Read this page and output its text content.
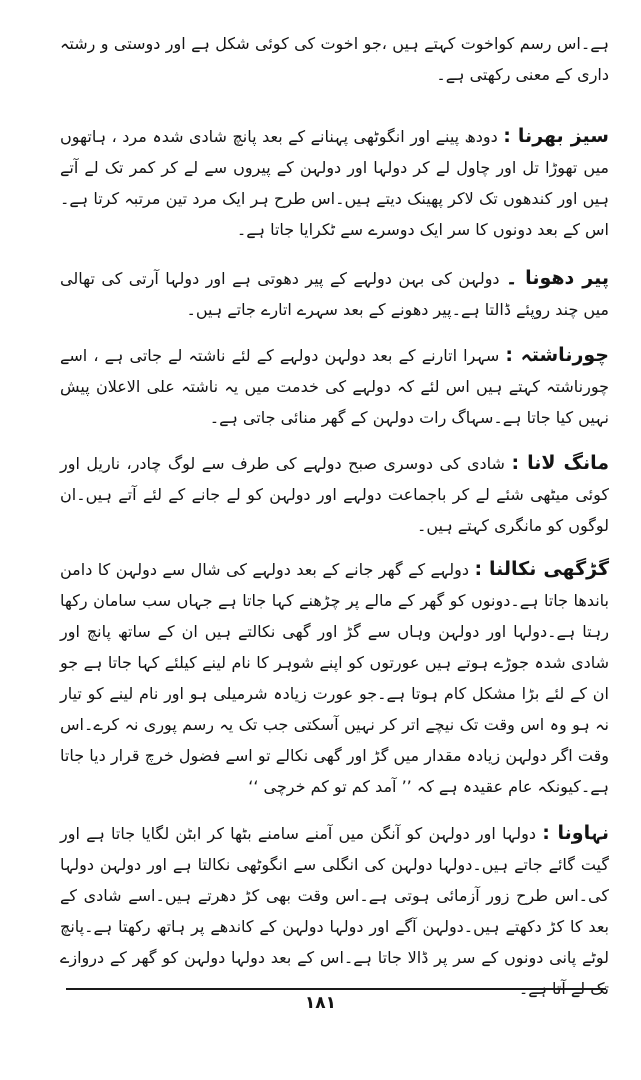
ہے۔اس رسم کواخوت کہتے ہیں ،جو اخوت کی کوئی شکل ہے اور دوستی و رشتہ داری کے معنی رکھتی ہے۔

سیز بھرنا : دودھ پینے اور انگوٹھی پہنانے کے بعد پانچ شادی شدہ مرد ، ہاتھوں میں تھوڑا تل اور چاول لے کر دولہا اور دولہن کے پیروں سے لے کر کمر تک لے آتے ہیں اور کندھوں تک لاکر پھینک دیتے ہیں۔اس طرح ہر ایک مرد تین مرتبہ کرتا ہے۔اس کے بعد دونوں کا سر ایک دوسرے سے ٹکرایا جاتا ہے۔

پیر دھونا ۔ دولہن کی بہن دولہے کے پیر دھوتی ہے اور دولہا آرتی کی تھالی میں چند روپئے ڈالتا ہے۔پیر دھونے کے بعد سہرے اتارے جاتے ہیں۔

چورناشتہ : سہرا اتارنے کے بعد دولہن دولہے کے لئے ناشتہ لے جاتی ہے ، اسے چورناشتہ کہتے ہیں اس لئے کہ دولہے کی خدمت میں یہ ناشتہ علی الاعلان پیش نہیں کیا جاتا ہے۔سہاگ رات دولہن کے گھر منائی جاتی ہے۔

مانگ لانا : شادی کی دوسری صبح دولہے کی طرف سے لوگ چادر، ناریل اور کوئی میٹھی شئے لے کر باجماعت دولہے اور دولہن کو لے جانے کے لئے آتے ہیں۔ان لوگوں کو مانگری کہتے ہیں۔

گڑگھی نکالنا : دولہے کے گھر جانے کے بعد دولہے کی شال سے دولہن کا دامن باندھا جاتا ہے۔دونوں کو گھر کے مالے پر چڑھنے کہا جاتا ہے جہاں سب سامان رکھا رہتا ہے۔دولہا اور دولہن وہاں سے گڑ اور گھی نکالتے ہیں ان کے ساتھ پانچ اور شادی شدہ جوڑے ہوتے ہیں عورتوں کو اپنے شوہر کا نام لینے کیلئے کہا جاتا ہے جو ان کے لئے بڑا مشکل کام ہوتا ہے۔جو عورت زیادہ شرمیلی ہو اور نام لینے کو تیار نہ ہو وہ اس وقت تک نیچے اتر کر نہیں آسکتی جب تک یہ رسم پوری نہ کرے۔اس وقت اگر دولہن زیادہ مقدار میں گڑ اور گھی نکالے تو اسے فضول خرچ قرار دیا جاتا ہے۔کیونکہ عام عقیدہ ہے کہ ’’ آمد کم تو کم خرچی ‘‘

نہاونا : دولہا اور دولہن کو آنگن میں آمنے سامنے بٹھا کر ابٹن لگایا جاتا ہے اور گیت گائے جاتے ہیں۔دولہا دولہن کی انگلی سے انگوٹھی نکالتا ہے اور دولہن دولہا کی۔اس طرح زور آزمائی ہوتی ہے۔اس وقت بھی کڑ دھرتے ہیں۔اسے شادی کے بعد کا کڑ دکھتے ہیں۔دولہن آگے اور دولہا دولہن کے کاندھے پر ہاتھ رکھتا ہے۔پانچ لوٹے پانی دونوں کے سر پر ڈالا جاتا ہے۔اس کے بعد دولہا دولہن کو گھر کے دروازے تک لے آتا ہے۔

١٨١
